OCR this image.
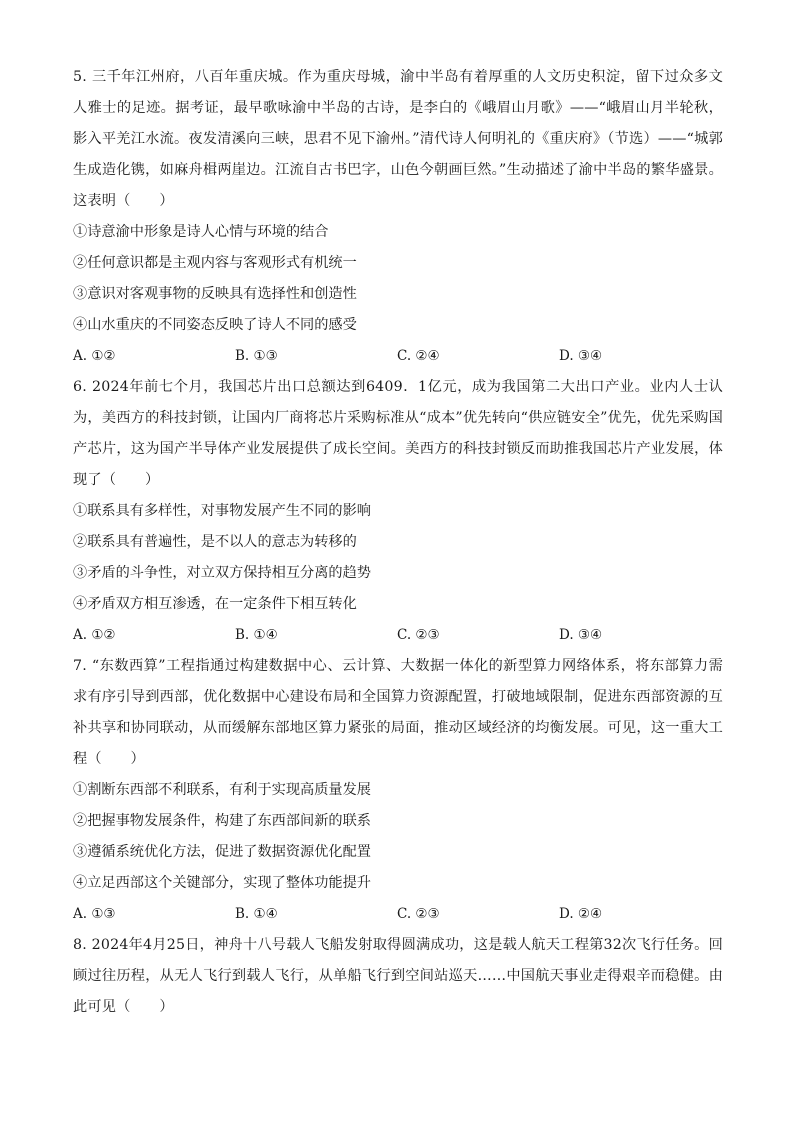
5. 三千年江州府，八百年重庆城。作为重庆母城，渝中半岛有着厚重的人文历史积淀，留下过众多文人雅士的足迹。据考证，最早歌咏渝中半岛的古诗，是李白的《峨眉山月歌》——“峨眉山月半轮秋，影入平羌江水流。夜发清溪向三峡，思君不见下渝州。”清代诗人何明礼的《重庆府》（节选）——“城郭生成造化镌，如麻舟楫两崖边。江流自古书巴字，山色今朝画巨然。”生动描述了渝中半岛的繁华盛景。这表明（　　）

①诗意渝中形象是诗人心情与环境的结合

②任何意识都是主观内容与客观形式有机统一

③意识对客观事物的反映具有选择性和创造性

④山水重庆的不同姿态反映了诗人不同的感受

A. ①②	B. ①③	C. ②④	D. ③④

6. 2024年前七个月，我国芯片出口总额达到6409．1亿元，成为我国第二大出口产业。业内人士认为，美西方的科技封锁，让国内厂商将芯片采购标准从“成本”优先转向“供应链安全”优先，优先采购国产芯片，这为国产半导体产业发展提供了成长空间。美西方的科技封锁反而助推我国芯片产业发展，体现了（　　）

①联系具有多样性，对事物发展产生不同的影响

②联系具有普遍性，是不以人的意志为转移的

③矛盾的斗争性，对立双方保持相互分离的趋势

④矛盾双方相互渗透，在一定条件下相互转化

A. ①②	B. ①④	C. ②③	D. ③④

7. “东数西算”工程指通过构建数据中心、云计算、大数据一体化的新型算力网络体系，将东部算力需求有序引导到西部，优化数据中心建设布局和全国算力资源配置，打破地域限制，促进东西部资源的互补共享和协同联动，从而缓解东部地区算力紧张的局面，推动区域经济的均衡发展。可见，这一重大工程（　　）

①割断东西部不利联系，有利于实现高质量发展

②把握事物发展条件，构建了东西部间新的联系

③遵循系统优化方法，促进了数据资源优化配置

④立足西部这个关键部分，实现了整体功能提升

A. ①③	B. ①④	C. ②③	D. ②④

8. 2024年4月25日，神舟十八号载人飞船发射取得圆满成功，这是载人航天工程第32次飞行任务。回顾过往历程，从无人飞行到载人飞行，从单船飞行到空间站巡天……中国航天事业走得艰辛而稳健。由此可见（　　）
